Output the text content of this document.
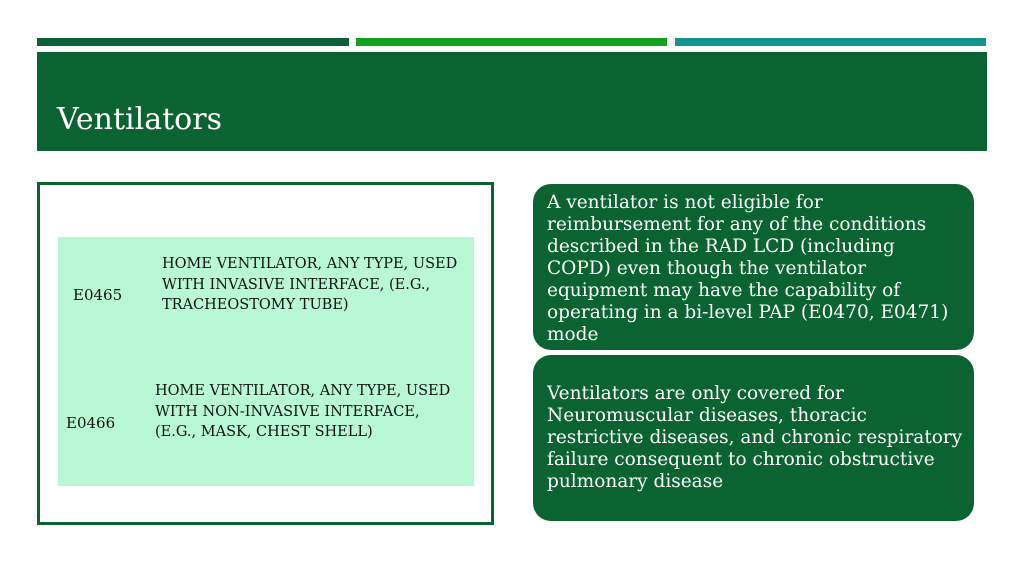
Ventilators
E0465
HOME VENTILATOR, ANY TYPE, USED WITH INVASIVE INTERFACE, (E.G., TRACHEOSTOMY TUBE)
E0466
HOME VENTILATOR, ANY TYPE, USED WITH NON-INVASIVE INTERFACE, (E.G., MASK, CHEST SHELL)
A ventilator is not eligible for reimbursement for any of the conditions described in the RAD LCD (including COPD) even though the ventilator equipment may have the capability of operating in a bi-level PAP (E0470, E0471) mode
Ventilators are only covered for Neuromuscular diseases, thoracic restrictive diseases, and chronic respiratory failure consequent to chronic obstructive pulmonary disease
